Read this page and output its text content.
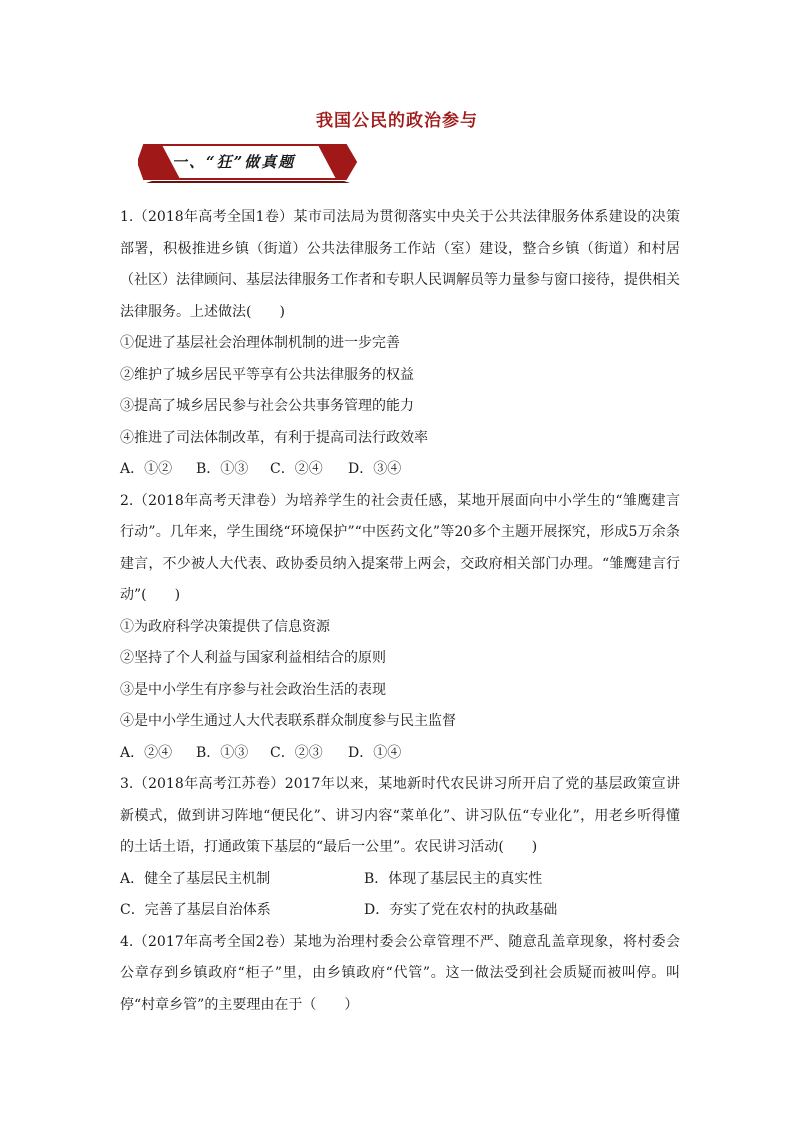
我国公民的政治参与
一、“狂”做真题

1.（2018年高考全国1卷）某市司法局为贯彻落实中央关于公共法律服务体系建设的决策部署，积极推进乡镇（街道）公共法律服务工作站（室）建设，整合乡镇（街道）和村居（社区）法律顾问、基层法律服务工作者和专职人民调解员等力量参与窗口接待，提供相关法律服务。上述做法(　　)

①促进了基层社会治理体制机制的进一步完善

②维护了城乡居民平等享有公共法律服务的权益

③提高了城乡居民参与社会公共事务管理的能力

④推进了司法体制改革，有利于提高司法行政效率

A．①②	B．①③	C．②④	D．③④

2.（2018年高考天津卷）为培养学生的社会责任感，某地开展面向中小学生的“雏鹰建言行动”。几年来，学生围绕“环境保护”“中医药文化”等20多个主题开展探究，形成5万余条建言，不少被人大代表、政协委员纳入提案带上两会，交政府相关部门办理。“雏鹰建言行动”(　　)

①为政府科学决策提供了信息资源

②坚持了个人利益与国家利益相结合的原则

③是中小学生有序参与社会政治生活的表现

④是中小学生通过人大代表联系群众制度参与民主监督

A．②④	B．①③	C．②③	D．①④

3.（2018年高考江苏卷）2017年以来，某地新时代农民讲习所开启了党的基层政策宣讲新模式，做到讲习阵地“便民化”、讲习内容“菜单化”、讲习队伍“专业化”，用老乡听得懂的土话土语，打通政策下基层的“最后一公里”。农民讲习活动(　　)

A．健全了基层民主机制	B．体现了基层民主的真实性
C．完善了基层自治体系	D．夯实了党在农村的执政基础

4.（2017年高考全国2卷）某地为治理村委会公章管理不严、随意乱盖章现象，将村委会公章存到乡镇政府“柜子”里，由乡镇政府“代管”。这一做法受到社会质疑而被叫停。叫停“村章乡管”的主要理由在于（　　）
